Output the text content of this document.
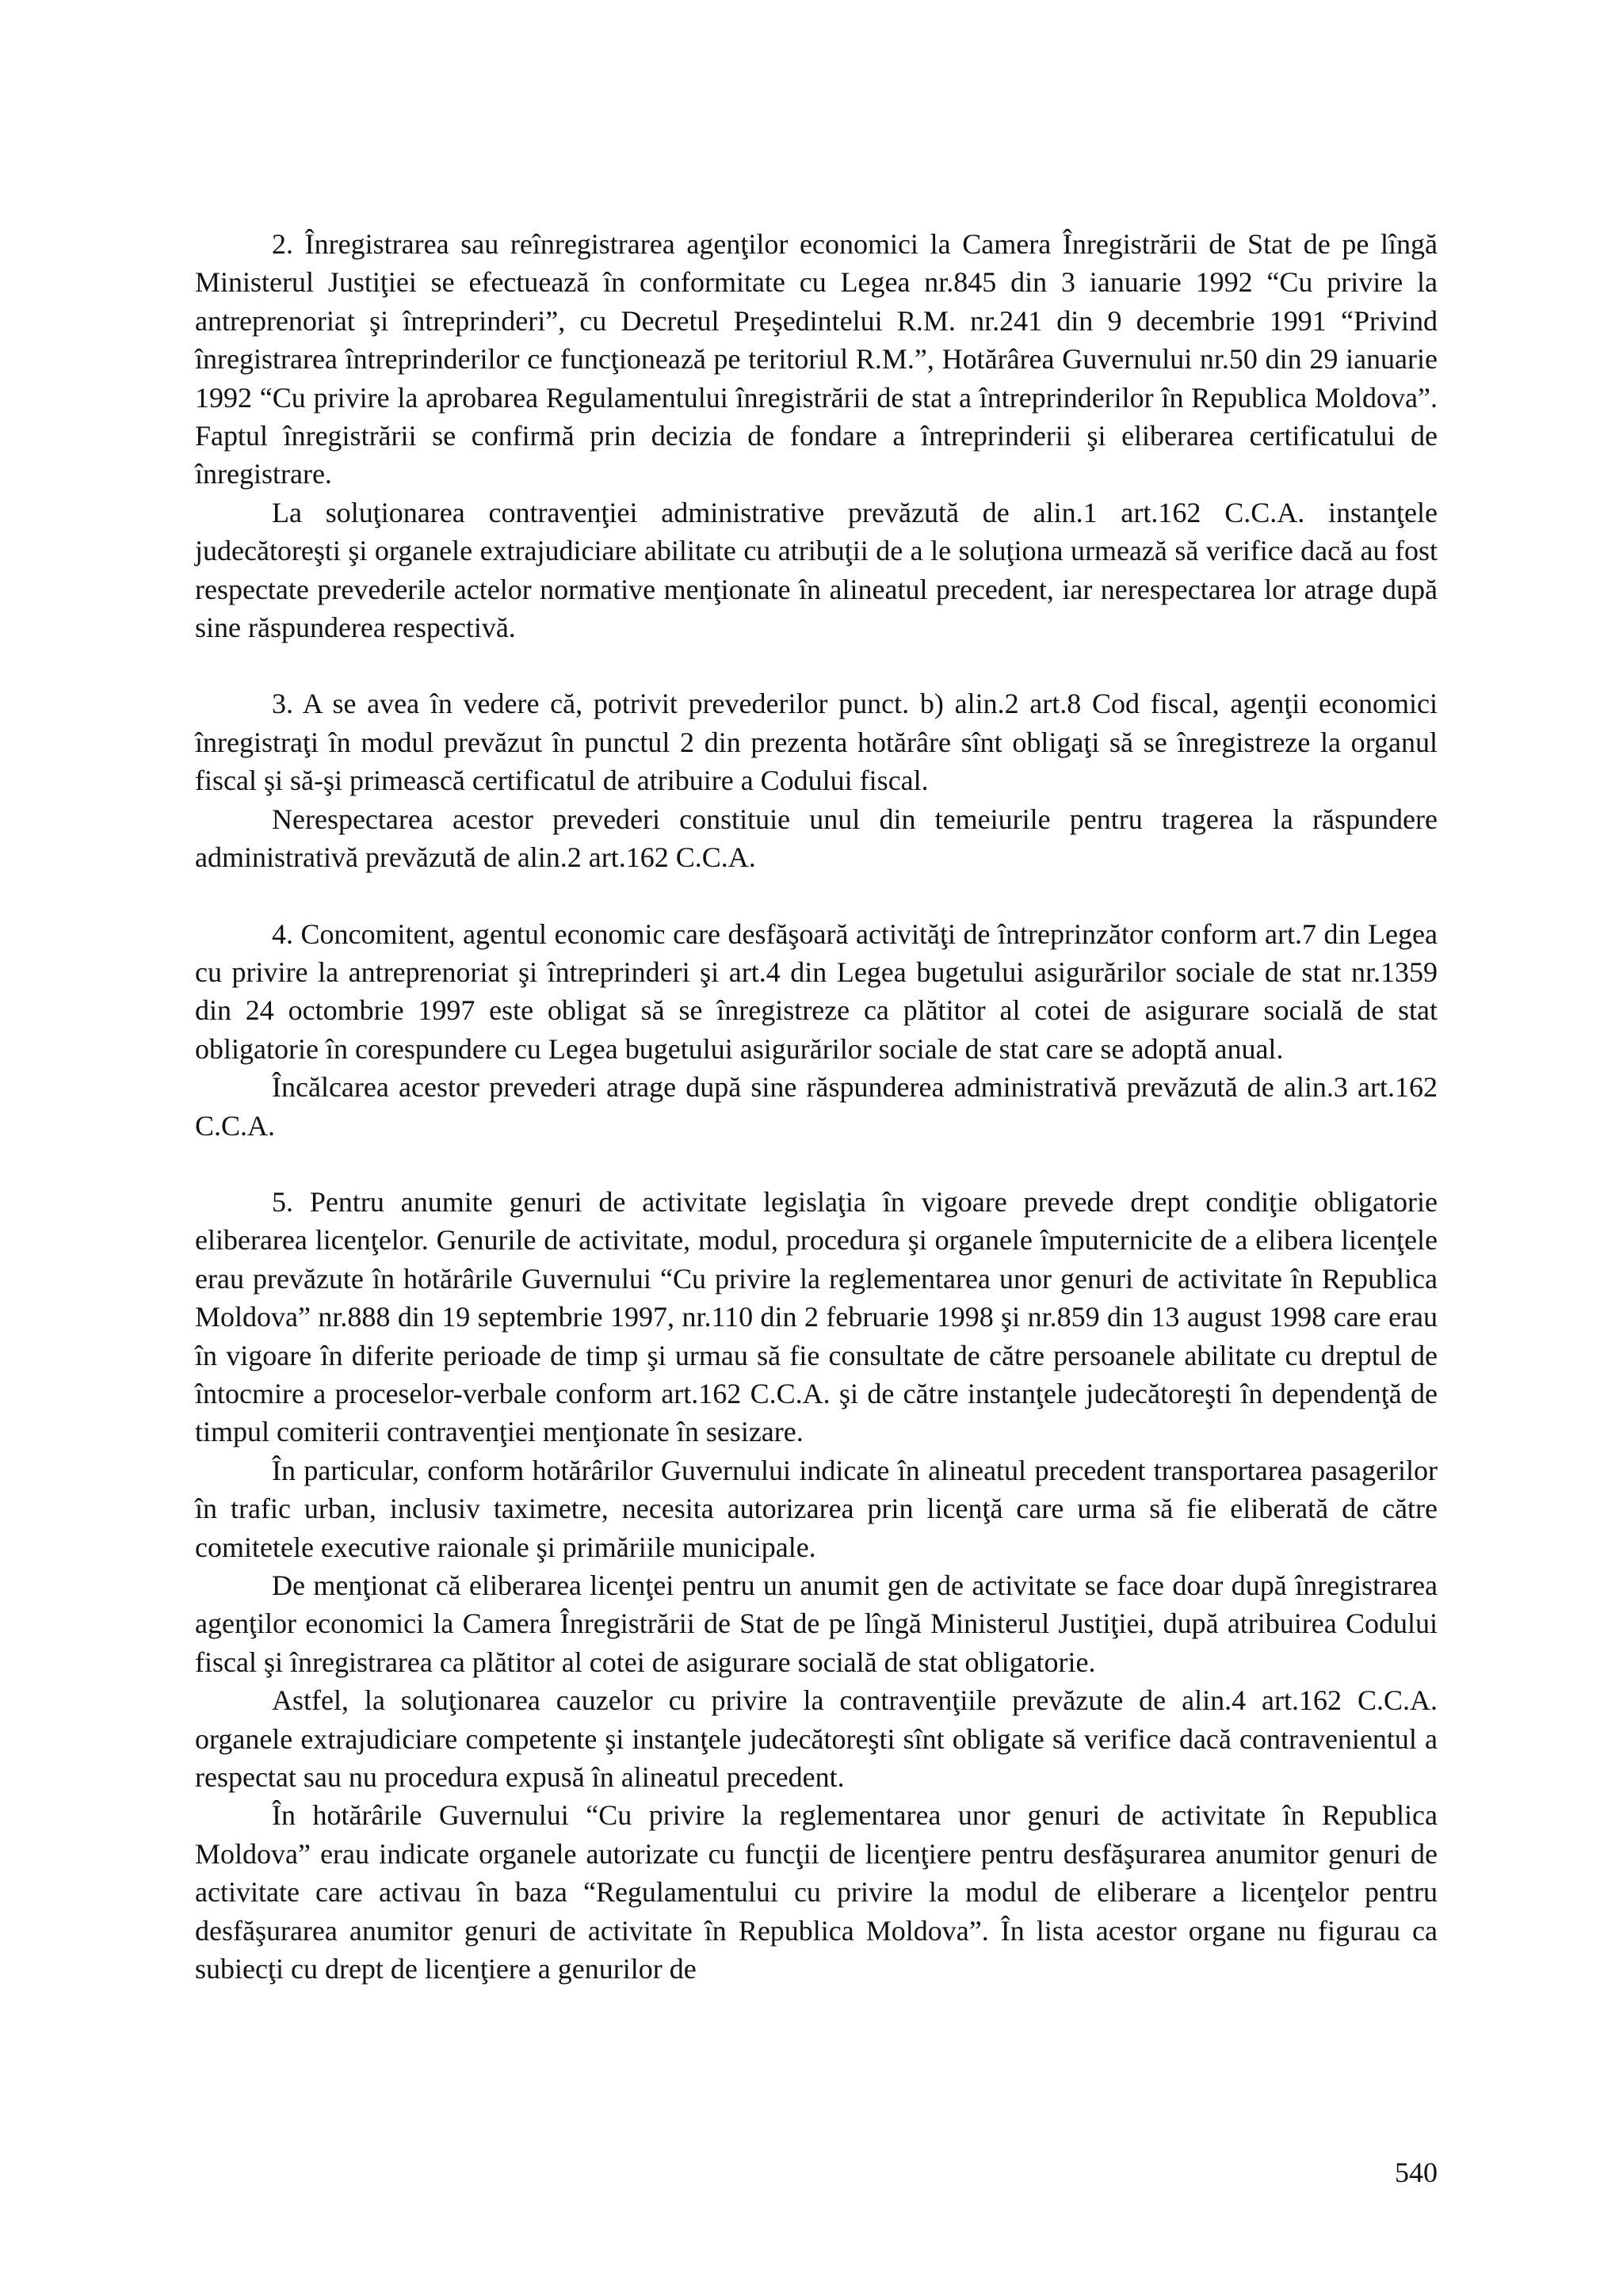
2. Înregistrarea sau reînregistrarea agenţilor economici la Camera Înregistrării de Stat de pe lîngă Ministerul Justiţiei se efectuează în conformitate cu Legea nr.845 din 3 ianuarie 1992 “Cu privire la antreprenoriat şi întreprinderi”, cu Decretul Preşedintelui R.M. nr.241 din 9 decembrie 1991 “Privind înregistrarea întreprinderilor ce funcţionează pe teritoriul R.M.”, Hotărârea Guvernului nr.50 din 29 ianuarie 1992 “Cu privire la aprobarea Regulamentului înregistrării de stat a întreprinderilor în Republica Moldova”. Faptul înregistrării se confirmă prin decizia de fondare a întreprinderii şi eliberarea certificatului de înregistrare.

La soluţionarea contravenţiei administrative prevăzută de alin.1 art.162 C.C.A. instanţele judecătoreşti şi organele extrajudiciare abilitate cu atribuţii de a le soluţiona urmează să verifice dacă au fost respectate prevederile actelor normative menţionate în alineatul precedent, iar nerespectarea lor atrage după sine răspunderea respectivă.

3. A se avea în vedere că, potrivit prevederilor punct. b) alin.2 art.8 Cod fiscal, agenţii economici înregistraţi în modul prevăzut în punctul 2 din prezenta hotărâre sînt obligaţi să se înregistreze la organul fiscal şi să-şi primească certificatul de atribuire a Codului fiscal.

Nerespectarea acestor prevederi constituie unul din temeiurile pentru tragerea la răspundere administrativă prevăzută de alin.2 art.162 C.C.A.

4. Concomitent, agentul economic care desfăşoară activităţi de întreprinzător conform art.7 din Legea cu privire la antreprenoriat şi întreprinderi şi art.4 din Legea bugetului asigurărilor sociale de stat nr.1359 din 24 octombrie 1997 este obligat să se înregistreze ca plătitor al cotei de asigurare socială de stat obligatorie în corespundere cu Legea bugetului asigurărilor sociale de stat care se adoptă anual.

Încălcarea acestor prevederi atrage după sine răspunderea administrativă prevăzută de alin.3 art.162 C.C.A.

5. Pentru anumite genuri de activitate legislaţia în vigoare prevede drept condiţie obligatorie eliberarea licenţelor. Genurile de activitate, modul, procedura şi organele împuternicite de a elibera licenţele erau prevăzute în hotărârile Guvernului “Cu privire la reglementarea unor genuri de activitate în Republica Moldova” nr.888 din 19 septembrie 1997, nr.110 din 2 februarie 1998 şi nr.859 din 13 august 1998 care erau în vigoare în diferite perioade de timp şi urmau să fie consultate de către persoanele abilitate cu dreptul de întocmire a proceselor-verbale conform art.162 C.C.A. şi de către instanţele judecătoreşti în dependenţă de timpul comiterii contravenţiei menţionate în sesizare.

În particular, conform hotărârilor Guvernului indicate în alineatul precedent transportarea pasagerilor în trafic urban, inclusiv taximetre, necesita autorizarea prin licenţă care urma să fie eliberată de către comitetele executive raionale şi primăriile municipale.

De menţionat că eliberarea licenţei pentru un anumit gen de activitate se face doar după înregistrarea agenţilor economici la Camera Înregistrării de Stat de pe lîngă Ministerul Justiţiei, după atribuirea Codului fiscal şi înregistrarea ca plătitor al cotei de asigurare socială de stat obligatorie.

Astfel, la soluţionarea cauzelor cu privire la contravenţiile prevăzute de alin.4 art.162 C.C.A. organele extrajudiciare competente şi instanţele judecătoreşti sînt obligate să verifice dacă contravenientul a respectat sau nu procedura expusă în alineatul precedent.

În hotărârile Guvernului “Cu privire la reglementarea unor genuri de activitate în Republica Moldova” erau indicate organele autorizate cu funcţii de licenţiere pentru desfăşurarea anumitor genuri de activitate care activau în baza “Regulamentului cu privire la modul de eliberare a licenţelor pentru desfăşurarea anumitor genuri de activitate în Republica Moldova”. În lista acestor organe nu figurau ca subiecţi cu drept de licenţiere a genurilor de

540
